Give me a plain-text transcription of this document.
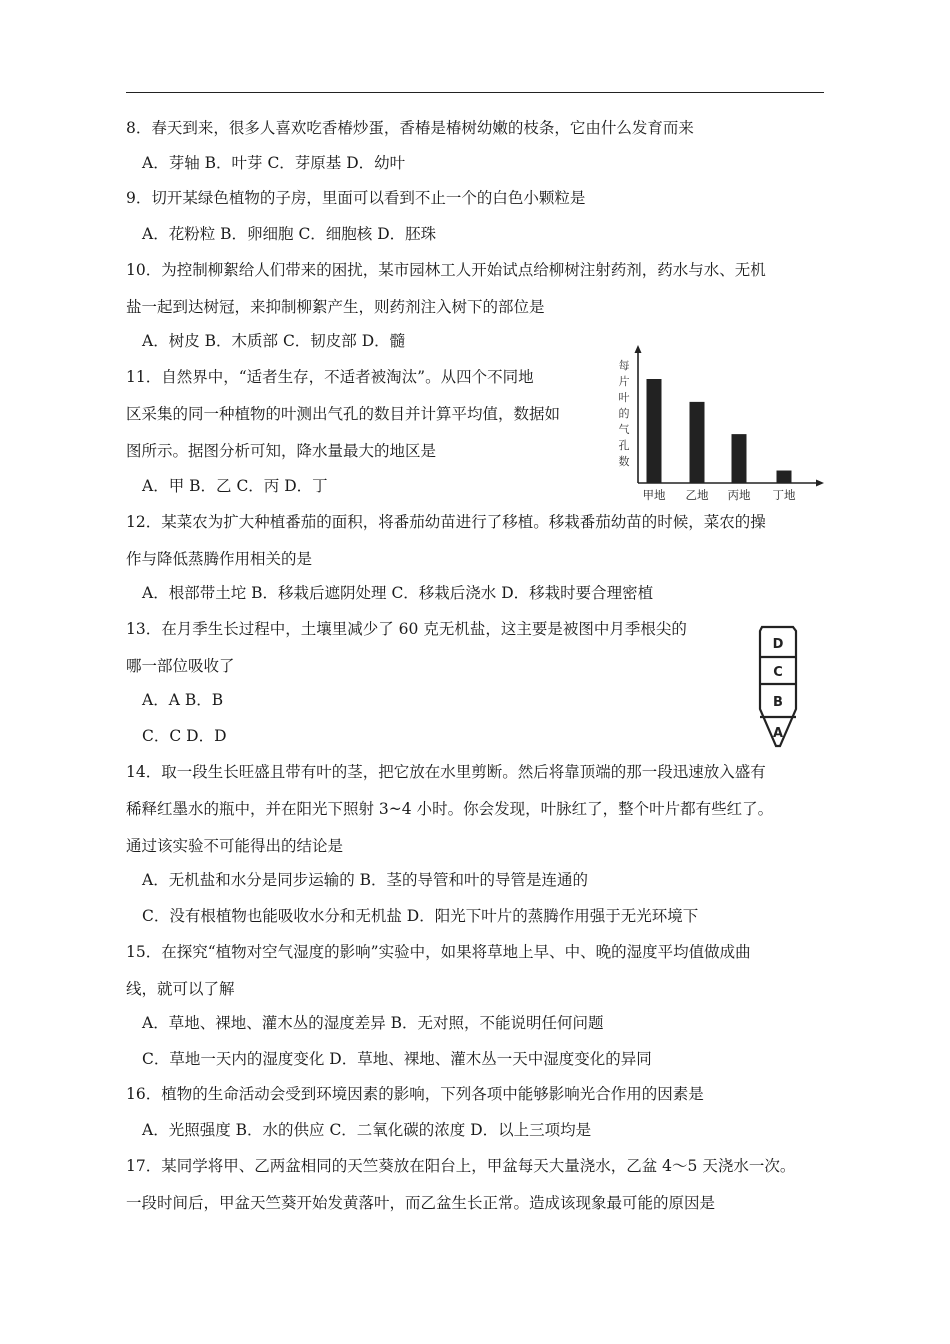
8．春天到来，很多人喜欢吃香椿炒蛋，香椿是椿树幼嫩的枝条，它由什么发育而来
A．芽轴 B．叶芽 C．芽原基 D．幼叶
9．切开某绿色植物的子房，里面可以看到不止一个的白色小颗粒是
A．花粉粒 B．卵细胞 C．细胞核 D．胚珠
10．为控制柳絮给人们带来的困扰，某市园林工人开始试点给柳树注射药剂，药水与水、无机
盐一起到达树冠，来抑制柳絮产生，则药剂注入树下的部位是
A．树皮 B．木质部 C．韧皮部 D．髓
11．自然界中，“适者生存，不适者被淘汰”。从四个不同地
区采集的同一种植物的叶测出气孔的数目并计算平均值，数据如
图所示。据图分析可知，降水量最大的地区是
A．甲 B．乙 C．丙 D．丁
每
片
叶
的
气
孔
数
甲地 乙地 丙地 丁地
12．某菜农为扩大种植番茄的面积，将番茄幼苗进行了移植。移栽番茄幼苗的时候，菜农的操
作与降低蒸腾作用相关的是
A．根部带土坨 B．移栽后遮阴处理 C．移栽后浇水 D．移栽时要合理密植
13．在月季生长过程中，土壤里减少了 60 克无机盐，这主要是被图中月季根尖的
哪一部位吸收了
A．A B．B
C．C D．D
D
C
B
A
14．取一段生长旺盛且带有叶的茎，把它放在水里剪断。然后将靠顶端的那一段迅速放入盛有
稀释红墨水的瓶中，并在阳光下照射 3~4 小时。你会发现，叶脉红了，整个叶片都有些红了。
通过该实验不可能得出的结论是
A．无机盐和水分是同步运输的 B．茎的导管和叶的导管是连通的
C．没有根植物也能吸收水分和无机盐 D．阳光下叶片的蒸腾作用强于无光环境下
15．在探究“植物对空气湿度的影响”实验中，如果将草地上早、中、晚的湿度平均值做成曲
线，就可以了解
A．草地、裸地、灌木丛的湿度差异 B．无对照，不能说明任何问题
C．草地一天内的湿度变化 D．草地、裸地、灌木丛一天中湿度变化的异同
16．植物的生命活动会受到环境因素的影响，下列各项中能够影响光合作用的因素是
A．光照强度 B．水的供应 C．二氧化碳的浓度 D．以上三项均是
17．某同学将甲、乙两盆相同的天竺葵放在阳台上，甲盆每天大量浇水，乙盆 4～5 天浇水一次。
一段时间后，甲盆天竺葵开始发黄落叶，而乙盆生长正常。造成该现象最可能的原因是
